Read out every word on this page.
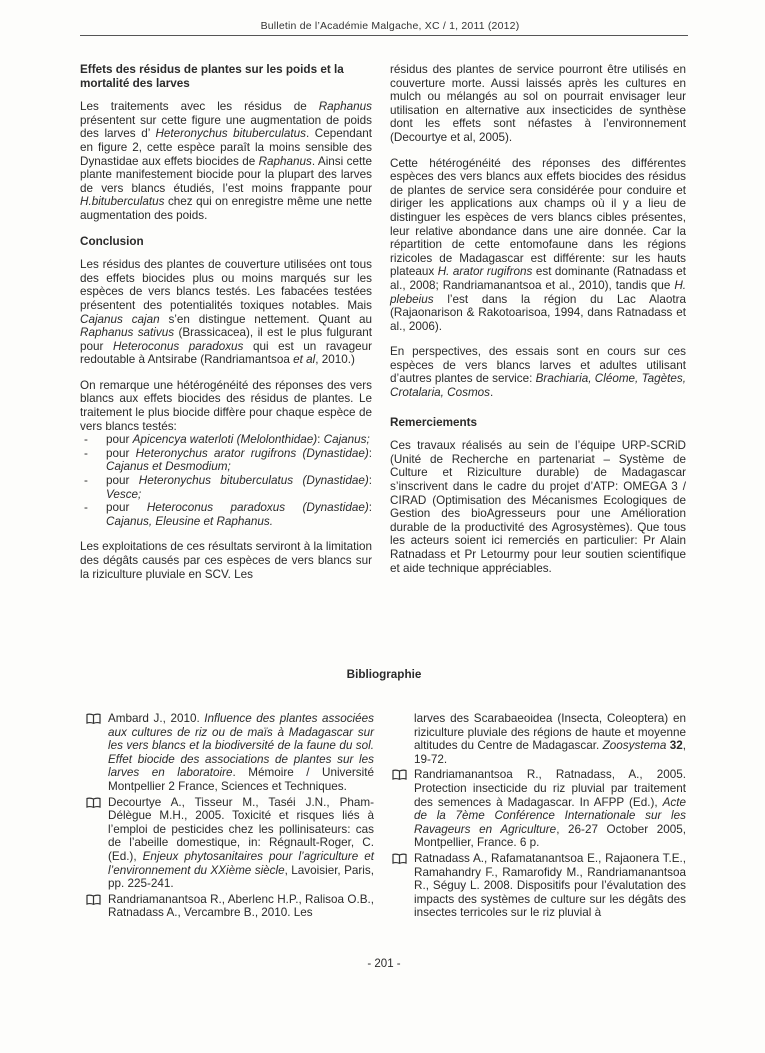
Bulletin de l’Académie Malgache, XC / 1, 2011 (2012)
Effets des résidus de plantes sur les poids et la mortalité des larves

Les traitements avec les résidus de Raphanus présentent sur cette figure une augmentation de poids des larves d’ Heteronychus bituberculatus. Cependant en figure 2, cette espèce paraît la moins sensible des Dynastidae aux effets biocides de Raphanus. Ainsi cette plante manifestement biocide pour la plupart des larves de vers blancs étudiés, l’est moins frappante pour H.bituberculatus chez qui on enregistre même une nette augmentation des poids.

Conclusion

Les résidus des plantes de couverture utilisées ont tous des effets biocides plus ou moins marqués sur les espèces de vers blancs testés. Les fabacées testées présentent des potentialités toxiques notables. Mais Cajanus cajan s’en distingue nettement. Quant au Raphanus sativus (Brassicacea), il est le plus fulgurant pour Heteroconus paradoxus qui est un ravageur redoutable à Antsirabe (Randriamantsoa et al, 2010.)

On remarque une hétérogénéité des réponses des vers blancs aux effets biocides des résidus de plantes. Le traitement le plus biocide diffère pour chaque espèce de vers blancs testés:

- pour Apicencya waterloti (Melolonthidae): Cajanus;
- pour Heteronychus arator rugifrons (Dynastidae): Cajanus et Desmodium;
- pour Heteronychus bituberculatus (Dynastidae): Vesce;
- pour Heteroconus paradoxus (Dynastidae): Cajanus, Eleusine et Raphanus.

Les exploitations de ces résultats serviront à la limitation des dégâts causés par ces espèces de vers blancs sur la riziculture pluviale en SCV. Les

résidus des plantes de service pourront être utilisés en couverture morte. Aussi laissés après les cultures en mulch ou mélangés au sol on pourrait envisager leur utilisation en alternative aux insecticides de synthèse dont les effets sont néfastes à l’environnement (Decourtye et al, 2005).

Cette hétérogénéité des réponses des différentes espèces des vers blancs aux effets biocides des résidus de plantes de service sera considérée pour conduire et diriger les applications aux champs où il y a lieu de distinguer les espèces de vers blancs cibles présentes, leur relative abondance dans une aire donnée. Car la répartition de cette entomofaune dans les régions rizicoles de Madagascar est différente: sur les hauts plateaux H. arator rugifrons est dominante (Ratnadass et al., 2008; Randriamanantsoa et al., 2010), tandis que H. plebeius l’est dans la région du Lac Alaotra (Rajaonarison & Rakotoarisoa, 1994, dans Ratnadass et al., 2006).

En perspectives, des essais sont en cours sur ces espèces de vers blancs larves et adultes utilisant d’autres plantes de service: Brachiaria, Cléome, Tagètes, Crotalaria, Cosmos.

Remerciements

Ces travaux réalisés au sein de l’équipe URP-SCRiD (Unité de Recherche en partenariat – Système de Culture et Riziculture durable) de Madagascar s’inscrivent dans le cadre du projet d’ATP: OMEGA 3 / CIRAD (Optimisation des Mécanismes Ecologiques de Gestion des bioAgresseurs pour une Amélioration durable de la productivité des Agrosystèmes). Que tous les acteurs soient ici remerciés en particulier: Pr Alain Ratnadass et Pr Letourmy pour leur soutien scientifique et aide technique appréciables.

Bibliographie
Ambard J., 2010. Influence des plantes associées aux cultures de riz ou de maïs à Madagascar sur les vers blancs et la biodiversité de la faune du sol. Effet biocide des associations de plantes sur les larves en laboratoire. Mémoire / Université Montpellier 2 France, Sciences et Techniques.
Decourtye A., Tisseur M., Taséi J.N., Pham-Délègue M.H., 2005. Toxicité et risques liés à l’emploi de pesticides chez les pollinisateurs: cas de l’abeille domestique, in: Régnault-Roger, C. (Ed.), Enjeux phytosanitaires pour l’agriculture et l’environnement du XXième siècle, Lavoisier, Paris, pp. 225-241.
Randriamanantsoa R., Aberlenc H.P., Ralisoa O.B., Ratnadass A., Vercambre B., 2010. Les
larves des Scarabaeoidea (Insecta, Coleoptera) en riziculture pluviale des régions de haute et moyenne altitudes du Centre de Madagascar. Zoosystema 32, 19-72.
Randriamanantsoa R., Ratnadass, A., 2005. Protection insecticide du riz pluvial par traitement des semences à Madagascar. In AFPP (Ed.), Acte de la 7ème Conférence Internationale sur les Ravageurs en Agriculture, 26-27 October 2005, Montpellier, France. 6 p.
Ratnadass A., Rafamatanantsoa E., Rajaonera T.E., Ramahandry F., Ramarofidy M., Randriamanantsoa R., Séguy L. 2008. Dispositifs pour l’évalutation des impacts des systèmes de culture sur les dégâts des insectes terricoles sur le riz pluvial à
- 201 -
